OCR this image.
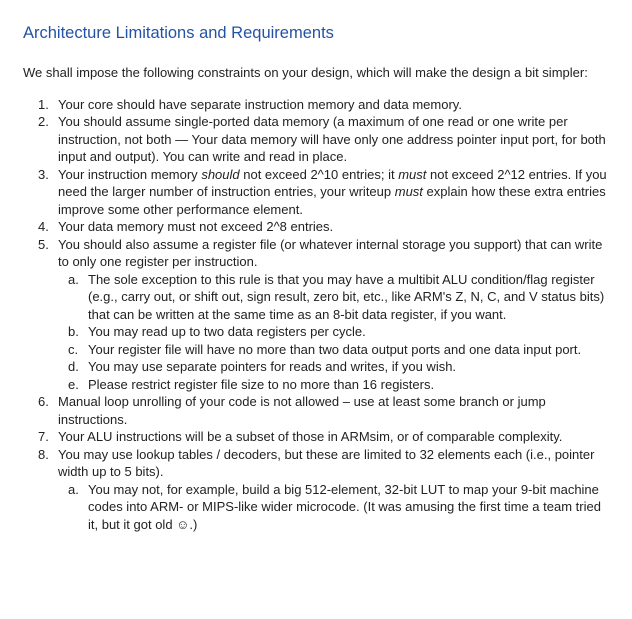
Architecture Limitations and Requirements

We shall impose the following constraints on your design, which will make the design a bit simpler:

1. Your core should have separate instruction memory and data memory.
2. You should assume single-ported data memory (a maximum of one read or one write per instruction, not both — Your data memory will have only one address pointer input port, for both input and output). You can write and read in place.
3. Your instruction memory should not exceed 2^10 entries; it must not exceed 2^12 entries. If you need the larger number of instruction entries, your writeup must explain how these extra entries improve some other performance element.
4. Your data memory must not exceed 2^8 entries.
5. You should also assume a register file (or whatever internal storage you support) that can write to only one register per instruction.
a. The sole exception to this rule is that you may have a multibit ALU condition/flag register (e.g., carry out, or shift out, sign result, zero bit, etc., like ARM's Z, N, C, and V status bits) that can be written at the same time as an 8-bit data register, if you want.
b. You may read up to two data registers per cycle.
c. Your register file will have no more than two data output ports and one data input port.
d. You may use separate pointers for reads and writes, if you wish.
e. Please restrict register file size to no more than 16 registers.
6. Manual loop unrolling of your code is not allowed – use at least some branch or jump instructions.
7. Your ALU instructions will be a subset of those in ARMsim, or of comparable complexity.
8. You may use lookup tables / decoders, but these are limited to 32 elements each (i.e., pointer width up to 5 bits).
a. You may not, for example, build a big 512-element, 32-bit LUT to map your 9-bit machine codes into ARM- or MIPS-like wider microcode. (It was amusing the first time a team tried it, but it got old ☺.)
